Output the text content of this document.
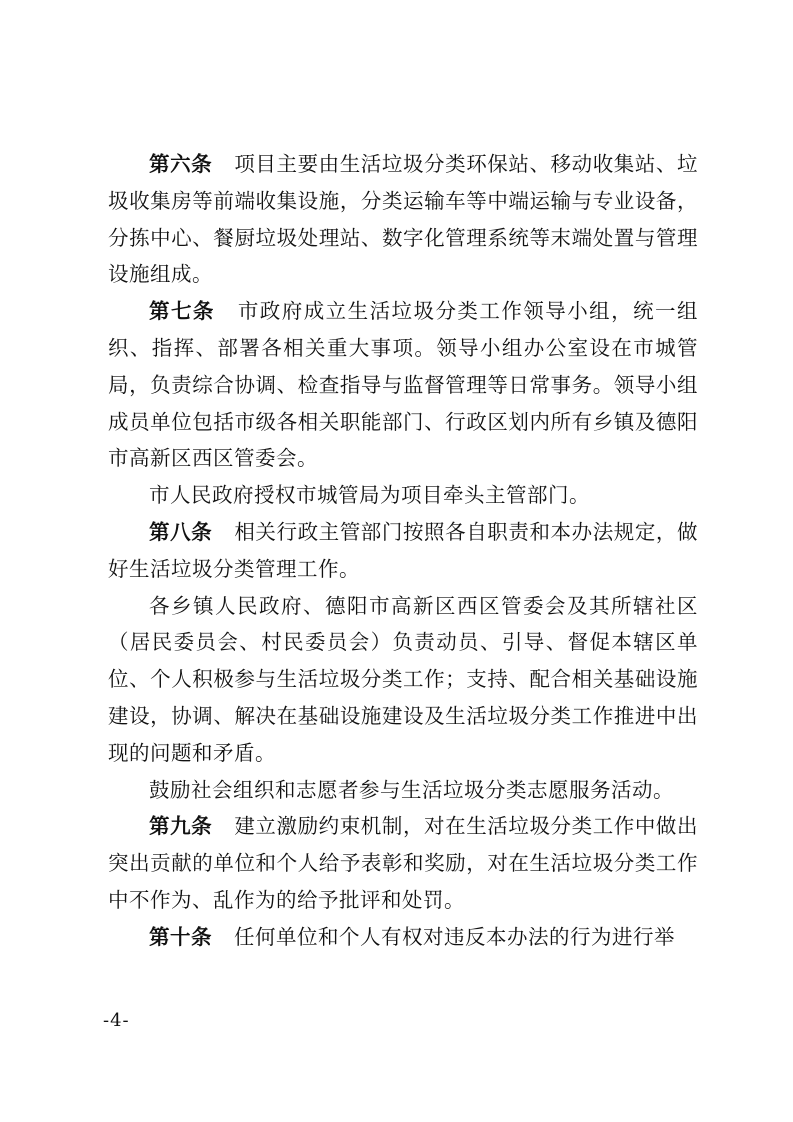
第六条 项目主要由生活垃圾分类环保站、移动收集站、垃圾收集房等前端收集设施，分类运输车等中端运输与专业设备，分拣中心、餐厨垃圾处理站、数字化管理系统等末端处置与管理设施组成。

第七条 市政府成立生活垃圾分类工作领导小组，统一组织、指挥、部署各相关重大事项。领导小组办公室设在市城管局，负责综合协调、检查指导与监督管理等日常事务。领导小组成员单位包括市级各相关职能部门、行政区划内所有乡镇及德阳市高新区西区管委会。

市人民政府授权市城管局为项目牵头主管部门。

第八条 相关行政主管部门按照各自职责和本办法规定，做好生活垃圾分类管理工作。

各乡镇人民政府、德阳市高新区西区管委会及其所辖社区（居民委员会、村民委员会）负责动员、引导、督促本辖区单位、个人积极参与生活垃圾分类工作；支持、配合相关基础设施建设，协调、解决在基础设施建设及生活垃圾分类工作推进中出现的问题和矛盾。

鼓励社会组织和志愿者参与生活垃圾分类志愿服务活动。

第九条 建立激励约束机制，对在生活垃圾分类工作中做出突出贡献的单位和个人给予表彰和奖励，对在生活垃圾分类工作中不作为、乱作为的给予批评和处罚。

第十条 任何单位和个人有权对违反本办法的行为进行举

-4-
